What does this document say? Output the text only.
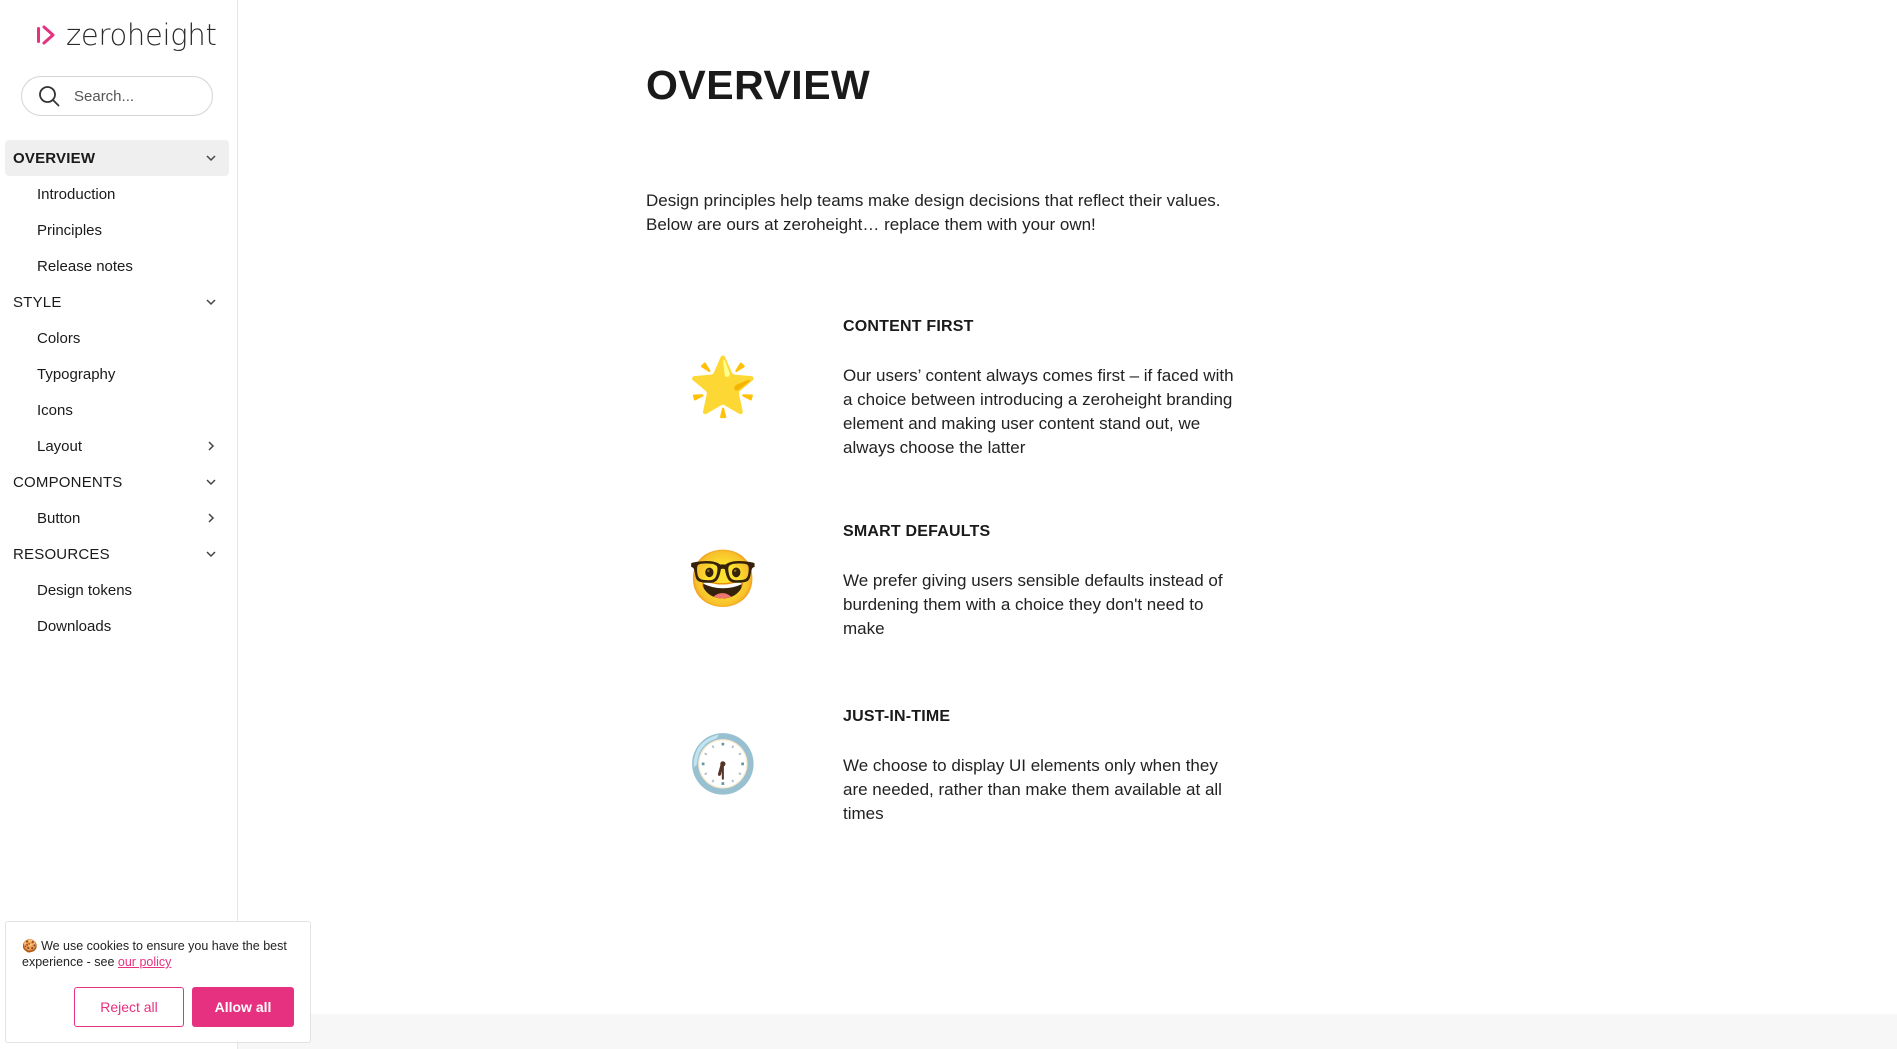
zeroheight
Search...
OVERVIEW
Introduction
Principles
Release notes
STYLE
Colors
Typography
Icons
Layout
COMPONENTS
Button
RESOURCES
Design tokens
Downloads
OVERVIEW

Design principles help teams make design decisions that reflect their values.
Below are ours at zeroheight… replace them with your own!

🌟
CONTENT FIRST

Our users’ content always comes first – if faced with a choice between introducing a zeroheight branding element and making user content stand out, we always choose the latter

🤓
SMART DEFAULTS

We prefer giving users sensible defaults instead of burdening them with a choice they don't need to make

🕡
JUST-IN-TIME

We choose to display UI elements only when they are needed, rather than make them available at all times

🍪 We use cookies to ensure you have the best experience - see our policy
Reject all	Allow all
